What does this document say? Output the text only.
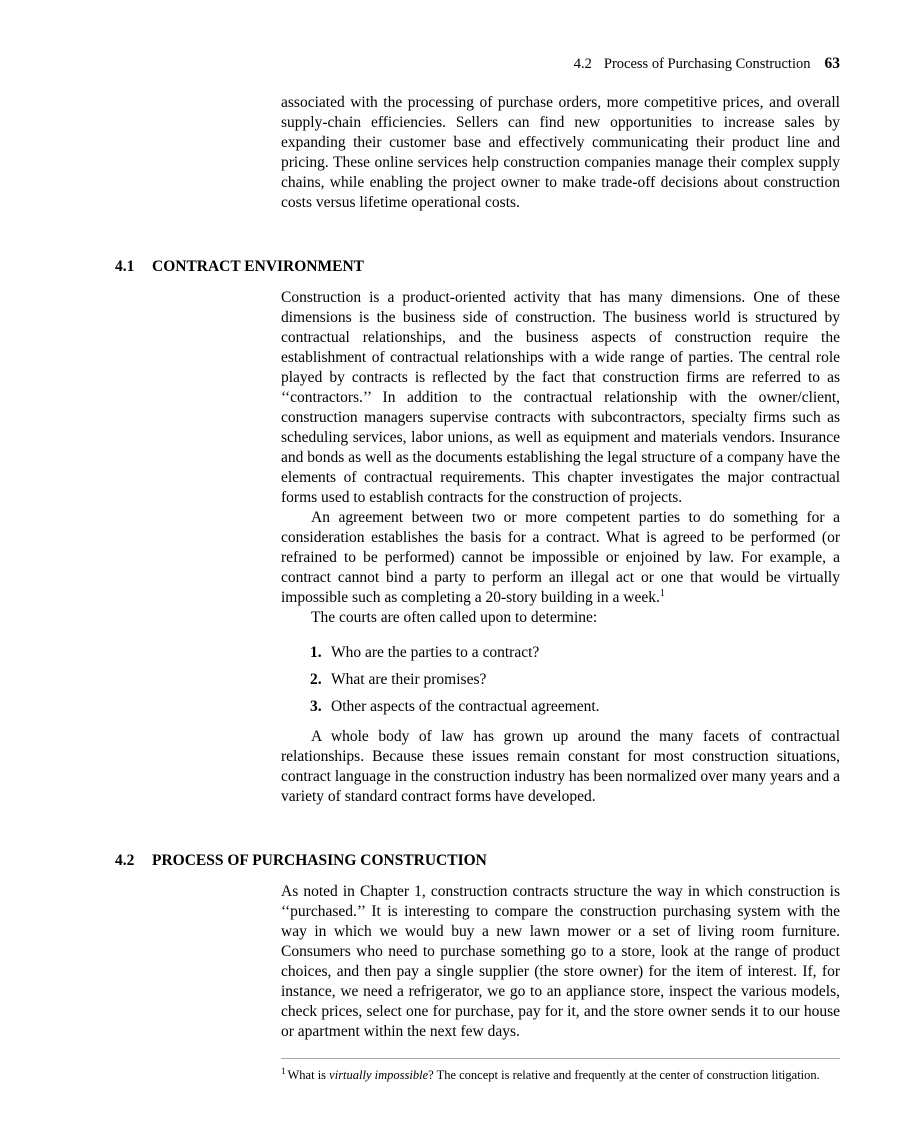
4.2 Process of Purchasing Construction 63

associated with the processing of purchase orders, more competitive prices, and overall supply-chain efficiencies. Sellers can find new opportunities to increase sales by expanding their customer base and effectively communicating their product line and pricing. These online services help construction companies manage their complex supply chains, while enabling the project owner to make trade-off decisions about construction costs versus lifetime operational costs.

4.1 CONTRACT ENVIRONMENT

Construction is a product-oriented activity that has many dimensions. One of these dimensions is the business side of construction. The business world is structured by contractual relationships, and the business aspects of construction require the establishment of contractual relationships with a wide range of parties. The central role played by contracts is reflected by the fact that construction firms are referred to as ‘‘contractors.’’ In addition to the contractual relationship with the owner/client, construction managers supervise contracts with subcontractors, specialty firms such as scheduling services, labor unions, as well as equipment and materials vendors. Insurance and bonds as well as the documents establishing the legal structure of a company have the elements of contractual requirements. This chapter investigates the major contractual forms used to establish contracts for the construction of projects.

An agreement between two or more competent parties to do something for a consideration establishes the basis for a contract. What is agreed to be performed (or refrained to be performed) cannot be impossible or enjoined by law. For example, a contract cannot bind a party to perform an illegal act or one that would be virtually impossible such as completing a 20-story building in a week.$^1$

The courts are often called upon to determine:

1. Who are the parties to a contract?
2. What are their promises?
3. Other aspects of the contractual agreement.

A whole body of law has grown up around the many facets of contractual relationships. Because these issues remain constant for most construction situations, contract language in the construction industry has been normalized over many years and a variety of standard contract forms have developed.

4.2 PROCESS OF PURCHASING CONSTRUCTION

As noted in Chapter 1, construction contracts structure the way in which construction is ‘‘purchased.’’ It is interesting to compare the construction purchasing system with the way in which we would buy a new lawn mower or a set of living room furniture. Consumers who need to purchase something go to a store, look at the range of product choices, and then pay a single supplier (the store owner) for the item of interest. If, for instance, we need a refrigerator, we go to an appliance store, inspect the various models, check prices, select one for purchase, pay for it, and the store owner sends it to our house or apartment within the next few days.

$^1$ What is virtually impossible? The concept is relative and frequently at the center of construction litigation.
